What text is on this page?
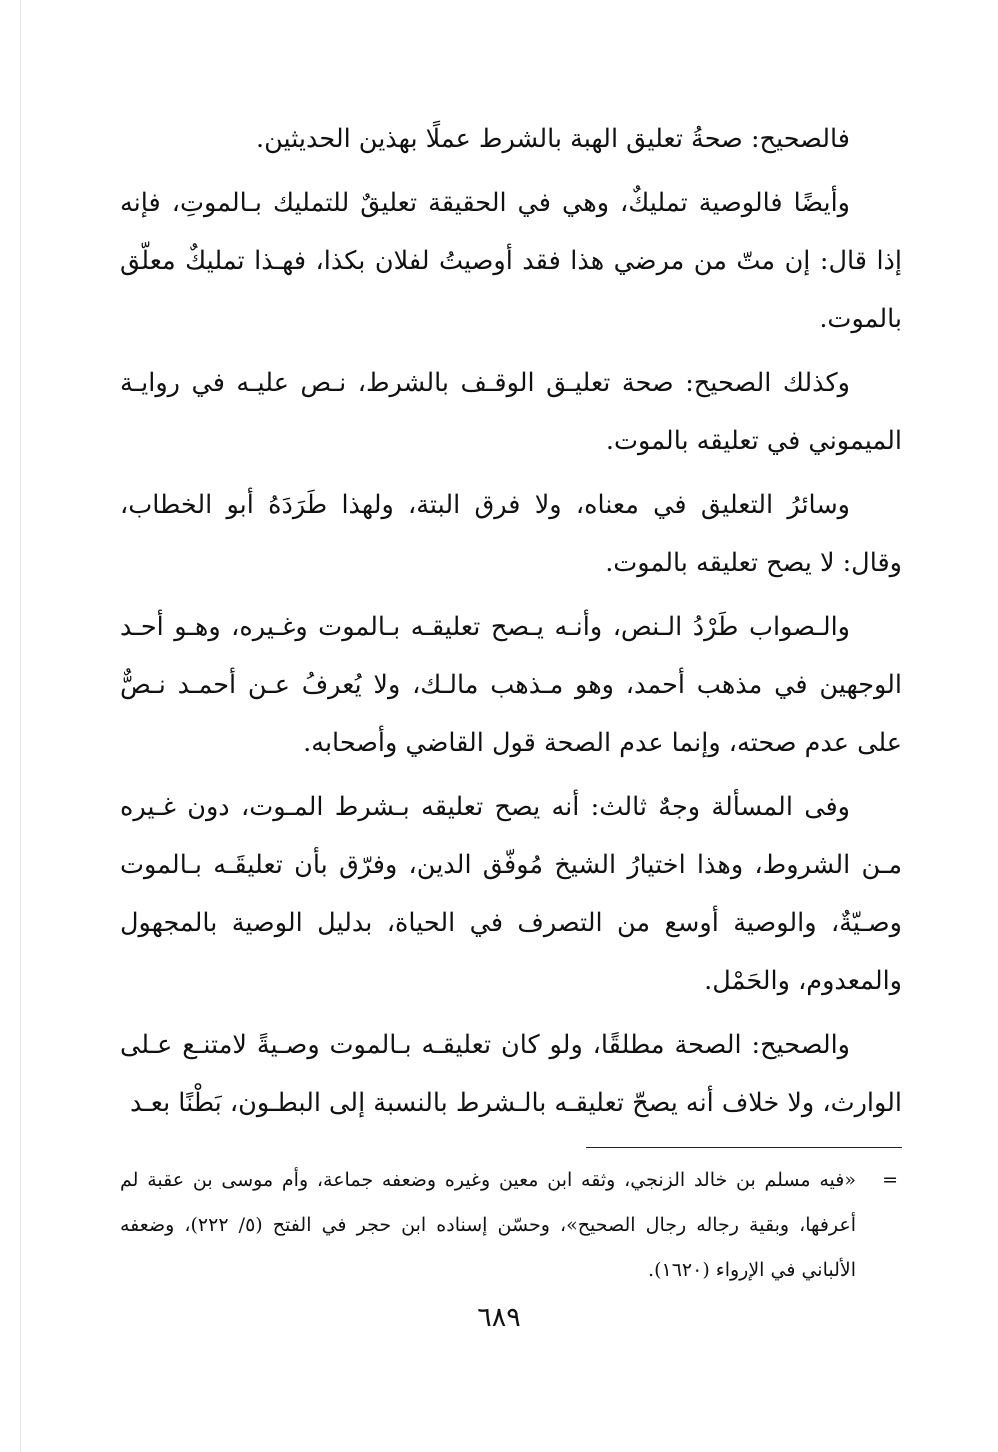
فالصحيح: صحةُ تعليق الهبة بالشرط عملًا بهذين الحديثين.

وأيضًا فالوصية تمليكٌ، وهي في الحقيقة تعليقٌ للتمليك بـالموتِ، فإنه إذا قال: إن متّ من مرضي هذا فقد أوصيتُ لفلان بكذا، فهـذا تمليكٌ معلّق بالموت.

وكذلك الصحيح: صحة تعليـق الوقـف بالشرط، نـص عليـه في روايـة الميموني في تعليقه بالموت.

وسائرُ التعليق في معناه، ولا فرق البتة، ولهذا طَرَدَهُ أبو الخطاب، وقال: لا يصح تعليقه بالموت.

والـصواب طَرْدُ الـنص، وأنـه يـصح تعليقـه بـالموت وغـيره، وهـو أحـد الوجهين في مذهب أحمد، وهو مـذهب مالـك، ولا يُعرفُ عـن أحمـد نـصٌّ على عدم صحته، وإنما عدم الصحة قول القاضي وأصحابه.

وفى المسألة وجهٌ ثالث: أنه يصح تعليقه بـشرط المـوت، دون غـيره مـن الشروط، وهذا اختيارُ الشيخ مُوفّق الدين، وفرّق بأن تعليقَـه بـالموت وصـيّةٌ، والوصية أوسع من التصرف في الحياة، بدليل الوصية بالمجهول والمعدوم، والحَمْل.

والصحيح: الصحة مطلقًا، ولو كان تعليقـه بـالموت وصـيةً لامتنـع عـلى الوارث، ولا خلاف أنه يصحّ تعليقـه بالـشرط بالنسبة إلى البطـون، بَطْنًا بعـد

=
«فيه مسلم بن خالد الزنجي، وثقه ابن معين وغيره وضعفه جماعة، وأم موسى بن عقبة لم أعرفها، وبقية رجاله رجال الصحيح»، وحسّن إسناده ابن حجر في الفتح (٥/ ٢٢٢)، وضعفه الألباني في الإرواء (١٦٢٠).
٦٨٩
